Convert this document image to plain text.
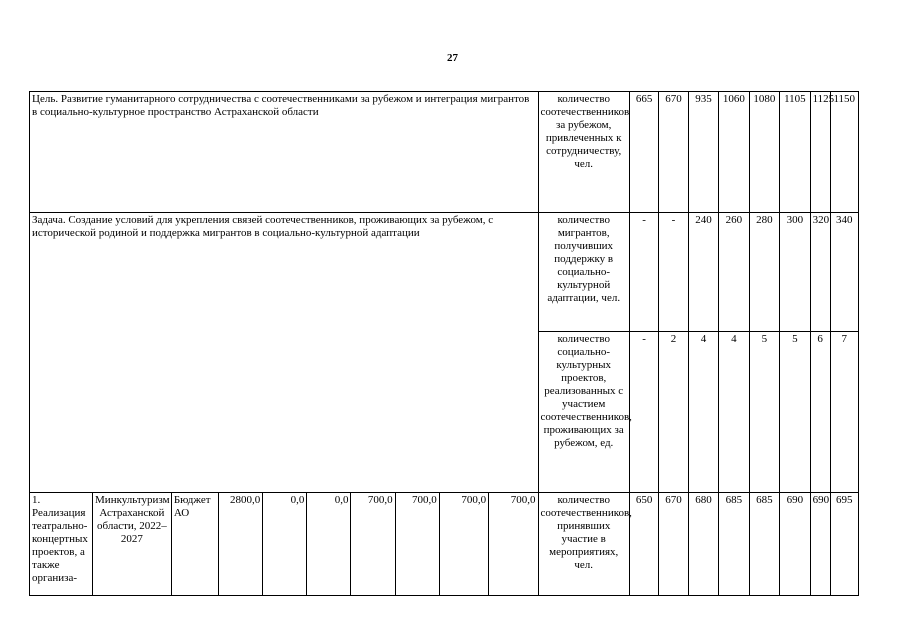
27
Цель. Развитие гуманитарного сотрудничества с соотечественниками за рубежом и интеграция мигрантов в социально-культурное пространство Астраханской области										количество соотечественников за рубежом, привлеченных к сотрудничеству, чел.	665	670	935	1060	1080	1105	1125	1150
Задача. Создание условий для укрепления связей соотечественников, проживающих за рубежом, с исторической родиной и поддержка мигрантов в социально-культурной адаптации										количество мигрантов, получивших поддержку в социально-культурной адаптации, чел.	-	-	240	260	280	300	320	340
										количество социально-культурных проектов, реализованных с участием соотечественников, проживающих за рубежом, ед.	-	2	4	4	5	5	6	7
1. Реализация театрально-концертных проектов, а также организа-	Минкультуризм Астраханской области, 2022–2027	Бюджет АО	2800,0	0,0	0,0	700,0	700,0	700,0	700,0	количество соотечественников, принявших участие в мероприятиях, чел.	650	670	680	685	685	690	690	695
